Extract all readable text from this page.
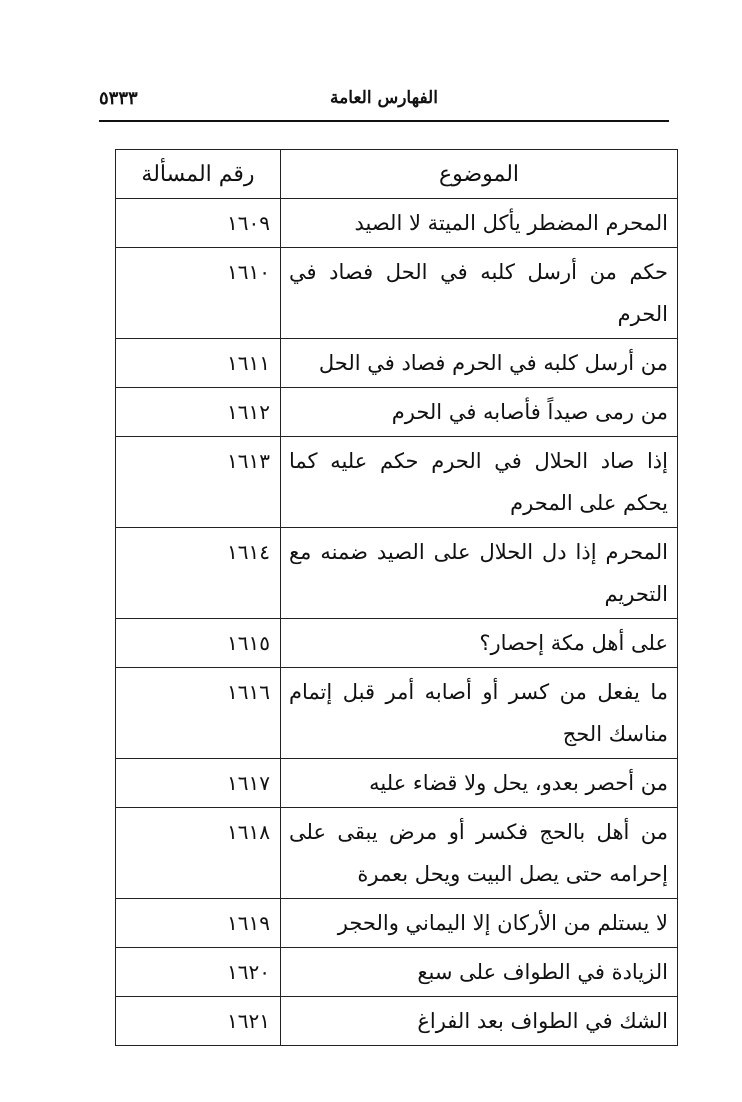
الفهارس العامة
٥٣٣٣
الموضوع	رقم المسألة
المحرم المضطر يأكل الميتة لا الصيد	١٦٠٩
حكم من أرسل كلبه في الحل فصاد في الحرم	١٦١٠
من أرسل كلبه في الحرم فصاد في الحل	١٦١١
من رمى صيداً فأصابه في الحرم	١٦١٢
إذا صاد الحلال في الحرم حكم عليه كما يحكم على المحرم	١٦١٣
المحرم إذا دل الحلال على الصيد ضمنه مع التحريم	١٦١٤
على أهل مكة إحصار؟	١٦١٥
ما يفعل من كسر أو أصابه أمر قبل إتمام مناسك الحج	١٦١٦
من أحصر بعدو، يحل ولا قضاء عليه	١٦١٧
من أهل بالحج فكسر أو مرض يبقى على إحرامه حتى يصل البيت ويحل بعمرة	١٦١٨
لا يستلم من الأركان إلا اليماني والحجر	١٦١٩
الزيادة في الطواف على سبع	١٦٢٠
الشك في الطواف بعد الفراغ	١٦٢١
